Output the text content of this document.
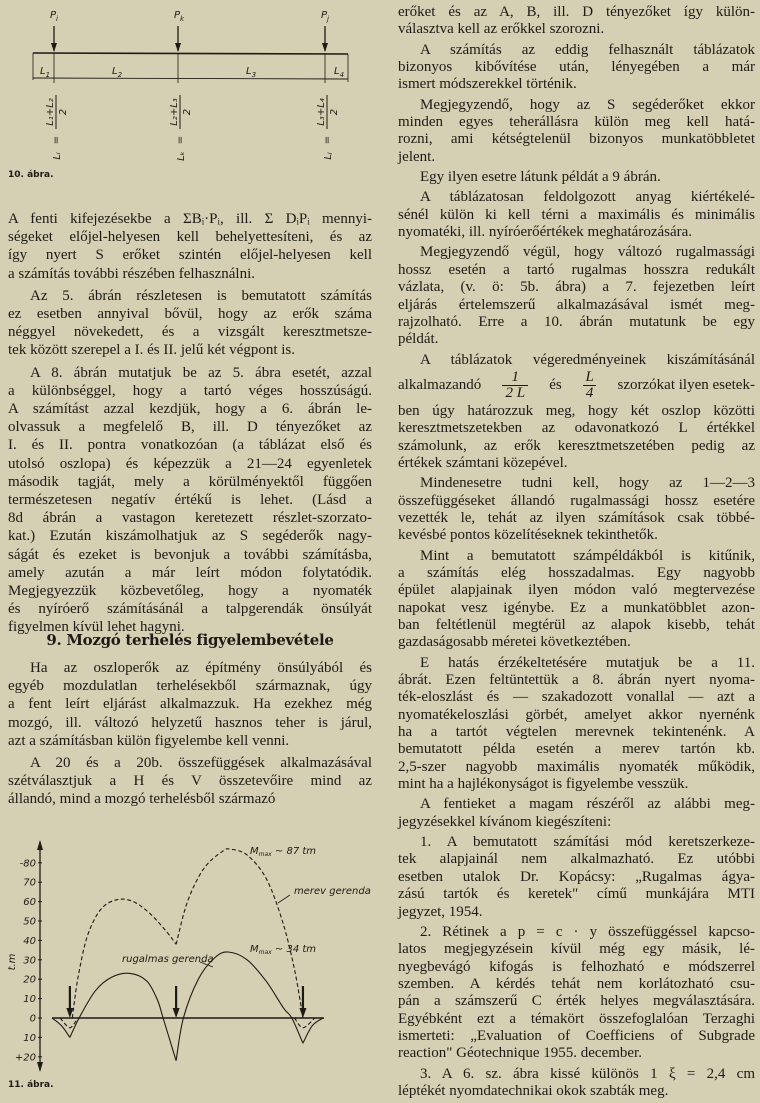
$P_i$	$P_k$	$P_j$
$L_1$	$L_2$	$L_3$	$L_4$
L₁+L₂ 2
=
Lᵢ
L₂+L₃ 2
=
Lₖ
L₃+L₄ 2
=
Lⱼ
10. ábra.
A fenti kifejezésekbe a ΣBᵢ·Pᵢ, ill. Σ DᵢPᵢ mennyi-
ségeket előjel-helyesen kell behelyettesíteni, és az
így nyert S erőket szintén előjel-helyesen kell
a számítás további részében felhasználni.
Az 5. ábrán részletesen is bemutatott számítás
ez esetben annyival bővül, hogy az erők száma
néggyel növekedett, és a vizsgált keresztmetsze-
tek között szerepel a I. és II. jelű két végpont is.
A 8. ábrán mutatjuk be az 5. ábra esetét, azzal
a különbséggel, hogy a tartó véges hosszúságú.
A számítást azzal kezdjük, hogy a 6. ábrán le-
olvassuk a megfelelő B, ill. D tényezőket az
I. és II. pontra vonatkozóan (a táblázat első és
utolsó oszlopa) és képezzük a 21—24 egyenletek
második tagját, mely a körülményektől függően
természetesen negatív értékű is lehet. (Lásd a
8d ábrán a vastagon keretezett részlet-szorzato-
kat.) Ezután kiszámolhatjuk az S segéderők nagy-
ságát és ezeket is bevonjuk a további számításba,
amely azután a már leírt módon folytatódik.
Megjegyezzük közbevetőleg, hogy a nyomaték
és nyíróerő számításánál a talpgerendák önsúlyát
figyelmen kívül lehet hagyni.
9. Mozgó terhelés figyelembevétele
Ha az oszloperők az építmény önsúlyából és
egyéb mozdulatlan terhelésekből származnak, úgy
a fent leírt eljárást alkalmazzuk. Ha ezekhez még
mozgó, ill. változó helyzetű hasznos teher is járul,
azt a számításban külön figyelembe kell venni.
A 20 és a 20b. összefüggések alkalmazásával
szétválasztjuk a H és V összetevőire mind az
állandó, mind a mozgó terhelésből származó
erőket és az A, B, ill. D tényezőket így külön-
választva kell az erőkkel szorozni.
A számítás az eddig felhasznált táblázatok
bizonyos kibővítése után, lényegében a már
ismert módszerekkel történik.
Megjegyzendő, hogy az S segéderőket ekkor
minden egyes teherállásra külön meg kell hatá-
rozni, ami kétségtelenül bizonyos munkatöbbletet
jelent.
Egy ilyen esetre látunk példát a 9 ábrán.
A táblázatosan feldolgozott anyag kiértékelé-
sénél külön ki kell térni a maximális és minimális
nyomatéki, ill. nyíróerőértékek meghatározására.
Megjegyzendő végül, hogy változó rugalmassági
hossz esetén a tartó rugalmas hosszra redukált
vázlata, (v. ö: 5b. ábra) a 7. fejezetben leírt
eljárás értelemszerű alkalmazásával ismét meg-
rajzolható. Erre a 10. ábrán mutatunk be egy
példát.
A táblázatok végeredményeinek kiszámításánál
alkalmazandó $\frac{1}{2 L}$ és $\frac{L}{4}$ szorzókat ilyen esetek-
ben úgy határozzuk meg, hogy két oszlop közötti
keresztmetszetekben az odavonatkozó L értékkel
számolunk, az erők keresztmetszetében pedig az
értékek számtani közepével.
Mindenesetre tudni kell, hogy az 1—2—3
összefüggéseket állandó rugalmassági hossz esetére
vezették le, tehát az ilyen számítások csak többé-
kevésbé pontos közelítéseknek tekinthetők.
Mint a bemutatott számpéldákból is kitűnik,
a számítás elég hosszadalmas. Egy nagyobb
épület alapjainak ilyen módon való megtervezése
napokat vesz igénybe. Ez a munkatöbblet azon-
ban feltétlenül megtérül az alapok kisebb, tehát
gazdaságosabb méretei következtében.
E hatás érzékeltetésére mutatjuk be a 11.
ábrát. Ezen feltüntettük a 8. ábrán nyert nyoma-
ték-eloszlást és — szakadozott vonallal — azt a
nyomatékeloszlási görbét, amelyet akkor nyernénk
ha a tartót végtelen merevnek tekintenénk. A
bemutatott példa esetén a merev tartón kb.
2,5-szer nagyobb maximális nyomaték működik,
mint ha a hajlékonyságot is figyelembe vesszük.
A fentieket a magam részéről az alábbi meg-
jegyzésekkel kívánom kiegészíteni:
1. A bemutatott számítási mód keretszerkeze-
tek alapjainál nem alkalmazható. Ez utóbbi
esetben utalok Dr. Kopácsy: „Rugalmas ágya-
zású tartók és keretek" című munkájára MTI
jegyzet, 1954.
2. Rétinek a p = c · y összefüggéssel kapcso-
latos megjegyzésein kívül még egy másik, lé-
nyegbevágó kifogás is felhozható e módszerrel
szemben. A kérdés tehát nem korlátozható csu-
pán a számszerű C érték helyes megválasztására.
Egyébként ezt a témakört összefoglalóan Terzaghi
ismerteti: „Evaluation of Coefficiens of Subgrade
reaction" Géotechnique 1955. december.
3. A 6. sz. ábra kissé különös 1 ξ = 2,4 cm
léptékét nyomdatechnikai okok szabták meg.
-80
70
60
50
40
30
20
10
0
10
+20
t.m
$M_{max}$ ~ 87 tm
merev gerenda
rugalmas gerenda
$M_{max}$ ~ 34 tm
11. ábra.
